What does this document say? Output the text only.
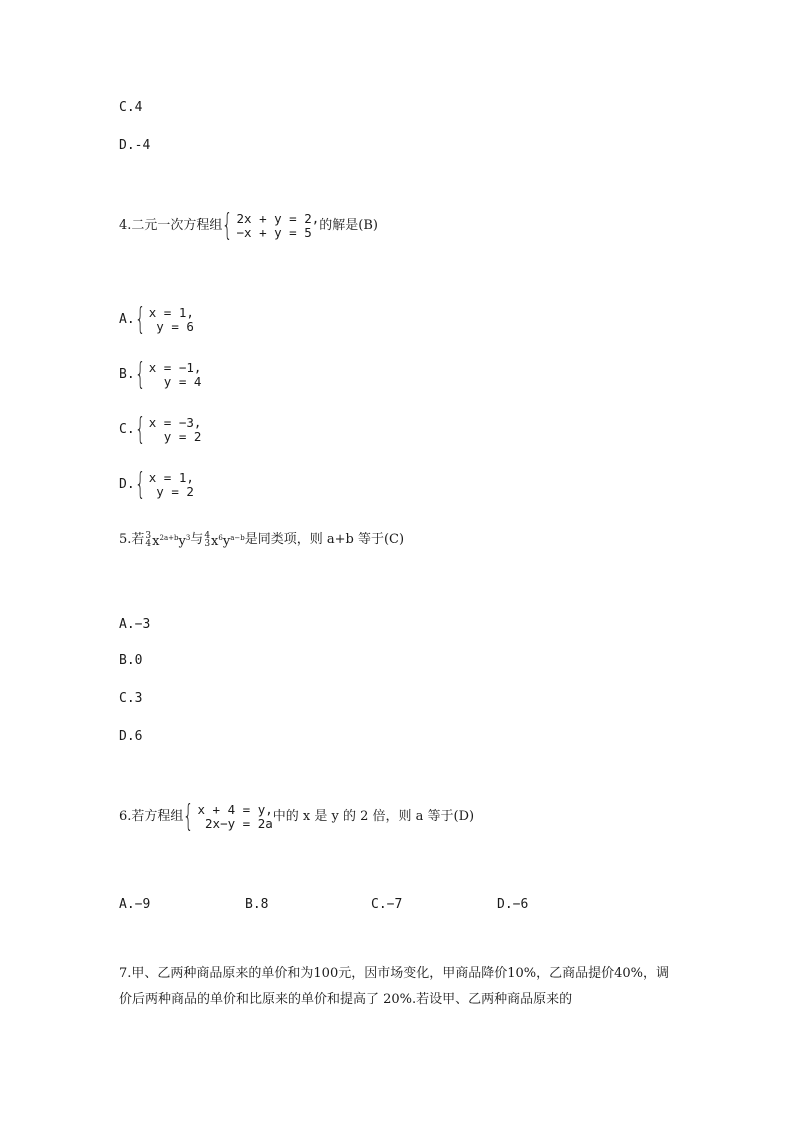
C.4
D.-4
4.二元一次方程组 { 2x + y = 2,
−x + y = 5 的解是(B)
A. { x = 1,
y = 6
B. { x = −1,
y = 4
C. { x = −3,
y = 2
D. { x = 1,
y = 2
5.若 3
4 $x^{2a+b}y^3$ 与 4
3 $x^6y^{a-b}$ 是同类项，则 a+b 等于(C)
A.−3
B.0
C.3
D.6
6.若方程组 { x + 4 = y,
2x−y = 2a 中的 x 是 y 的 2 倍，则 a 等于(D)
A.−9	B.8	C.−7	D.−6
7.甲、乙两种商品原来的单价和为100元，因市场变化，甲商品降价10%，乙商品提价40%，调价后两种商品的单价和比原来的单价和提高了 20%.若设甲、乙两种商品原来的
